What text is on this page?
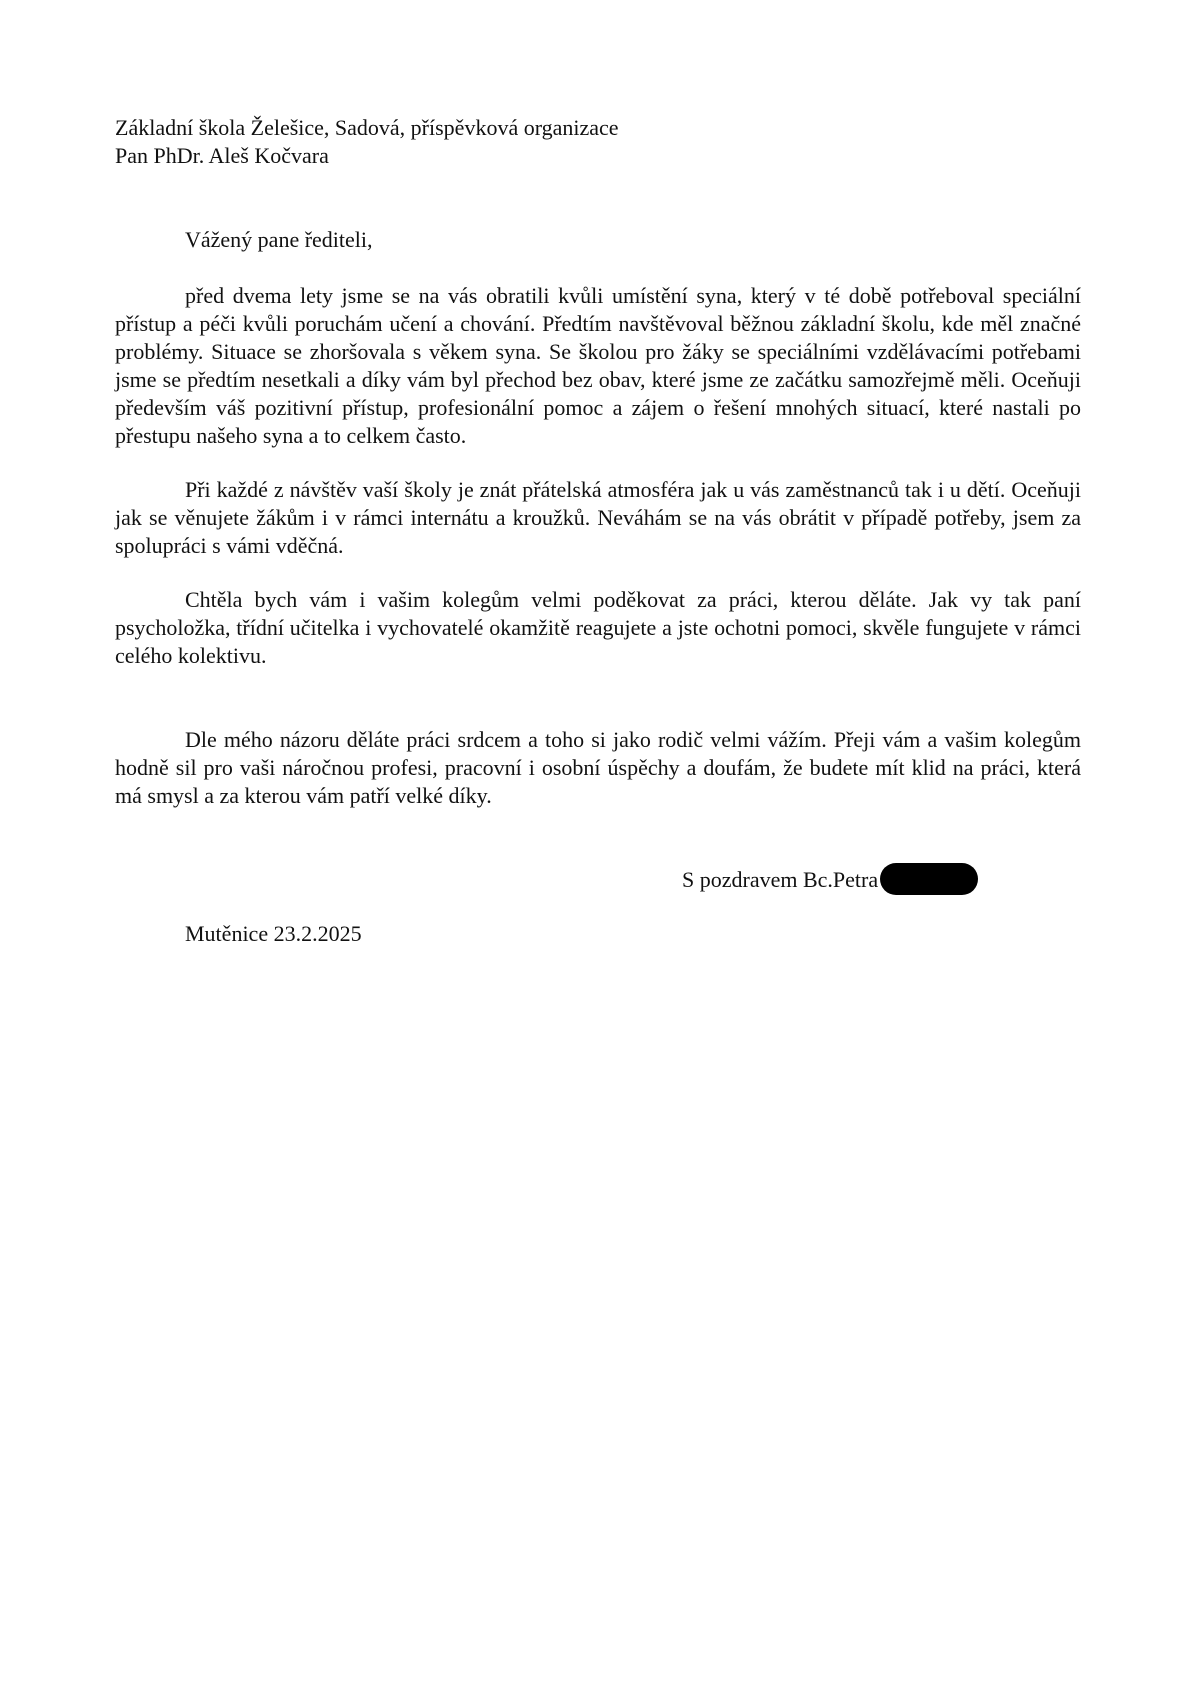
Základní škola Želešice, Sadová, příspěvková organizace

Pan PhDr. Aleš Kočvara

Vážený pane řediteli,

před dvema lety jsme se na vás obratili kvůli umístění syna, který v té době potřeboval speciální přístup a péči kvůli poruchám učení a chování. Předtím navštěvoval běžnou základní školu, kde měl značné problémy. Situace se zhoršovala s věkem syna. Se školou pro žáky se speciálními vzdělávacími potřebami jsme se předtím nesetkali a díky vám byl přechod bez obav, které jsme ze začátku samozřejmě měli. Oceňuji především váš pozitivní přístup, profesionální pomoc a zájem o řešení mnohých situací, které nastali po přestupu našeho syna a to celkem často.

Při každé z návštěv vaší školy je znát přátelská atmosféra jak u vás zaměstnanců tak i u dětí. Oceňuji jak se věnujete žákům i v rámci internátu a kroužků. Neváhám se na vás obrátit v případě potřeby, jsem za spolupráci s vámi vděčná.

Chtěla bych vám i vašim kolegům velmi poděkovat za práci, kterou děláte. Jak vy tak paní psycholožka, třídní učitelka i vychovatelé okamžitě reagujete a jste ochotni pomoci, skvěle fungujete v rámci celého kolektivu.

Dle mého názoru děláte práci srdcem a toho si jako rodič velmi vážím. Přeji vám a vašim kolegům hodně sil pro vaši náročnou profesi, pracovní i osobní úspěchy a doufám, že budete mít klid na práci, která má smysl a za kterou vám patří velké díky.

S pozdravem Bc.Petra

Mutěnice 23.2.2025
